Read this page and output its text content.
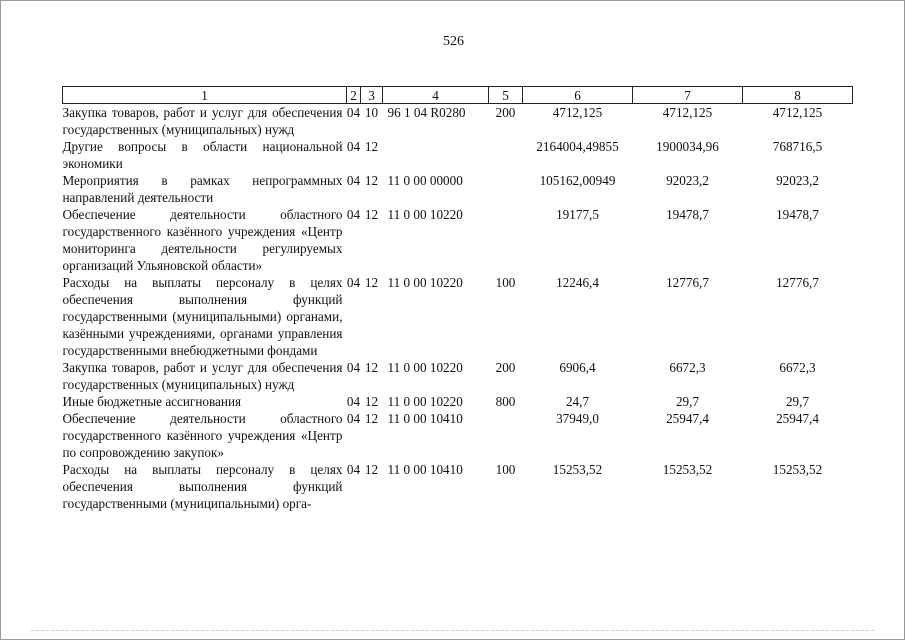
526
1	2	3	4	5	6	7	8
Закупка товаров, работ и услуг для обеспечения государственных (муниципальных) нужд	04	10	96 1 04 R0280	200	4712,125	4712,125	4712,125
Другие вопросы в области национальной экономики	04	12			2164004,49855	1900034,96	768716,5
Мероприятия в рамках непрограммных направлений деятельности	04	12	11 0 00 00000		105162,00949	92023,2	92023,2
Обеспечение деятельности областного государственного казённого учреждения «Центр мониторинга деятельности регулируемых организаций Ульяновской области»	04	12	11 0 00 10220		19177,5	19478,7	19478,7
Расходы на выплаты персоналу в целях обеспечения выполнения функций государственными (муниципальными) органами, казёнными учреждениями, органами управления государственными внебюджетными фондами	04	12	11 0 00 10220	100	12246,4	12776,7	12776,7
Закупка товаров, работ и услуг для обеспечения государственных (муниципальных) нужд	04	12	11 0 00 10220	200	6906,4	6672,3	6672,3
Иные бюджетные ассигнования	04	12	11 0 00 10220	800	24,7	29,7	29,7
Обеспечение деятельности областного государственного казённого учреждения «Центр по сопровождению закупок»	04	12	11 0 00 10410		37949,0	25947,4	25947,4
Расходы на выплаты персоналу в целях обеспечения выполнения функций государственными (муниципальными) орга-	04	12	11 0 00 10410	100	15253,52	15253,52	15253,52
